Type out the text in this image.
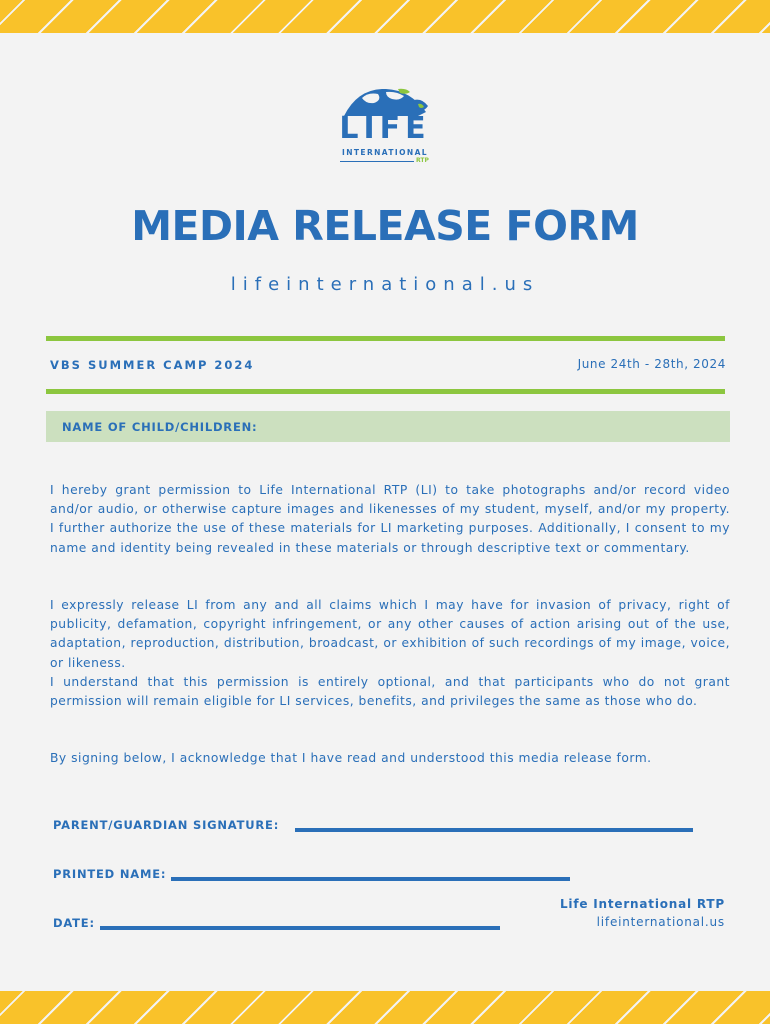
LIFE
INTERNATIONAL
RTP
MEDIA RELEASE FORM
lifeinternational.us
VBS SUMMER CAMP 2024	June 24th - 28th, 2024
NAME OF CHILD/CHILDREN:

I hereby grant permission to Life International RTP (LI) to take photographs and/or record video and/or audio, or otherwise capture images and likenesses of my student, myself, and/or my property. I further authorize the use of these materials for LI marketing purposes. Additionally, I consent to my name and identity being revealed in these materials or through descriptive text or commentary.

I expressly release LI from any and all claims which I may have for invasion of privacy, right of publicity, defamation, copyright infringement, or any other causes of action arising out of the use, adaptation, reproduction, distribution, broadcast, or exhibition of such recordings of my image, voice, or likeness.

I understand that this permission is entirely optional, and that participants who do not grant permission will remain eligible for LI services, benefits, and privileges the same as those who do.

By signing below, I acknowledge that I have read and understood this media release form.

PARENT/GUARDIAN SIGNATURE:
PRINTED NAME:
DATE:
Life International RTP
lifeinternational.us
